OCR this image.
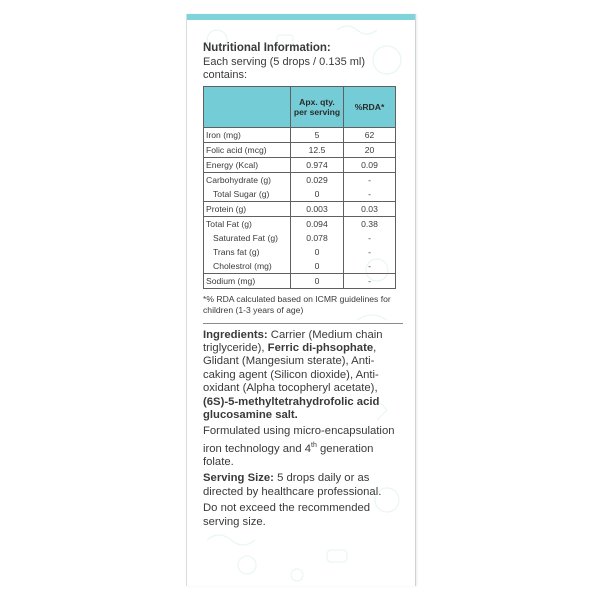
Nutritional Information:

Each serving (5 drops / 0.135 ml) contains:

	Apx. qty. per serving	%RDA*
Iron (mg)	5	62
Folic acid (mcg)	12.5	20
Energy (Kcal)	0.974	0.09
Carbohydrate (g)	0.029	-
Total Sugar (g)	0	-
Protein (g)	0.003	0.03
Total Fat (g)	0.094	0.38
Saturated Fat (g)	0.078	-
Trans fat (g)	0	-
Cholestrol (mg)	0	-
Sodium (mg)	0	-
*% RDA calculated based on ICMR guidelines for children (1-3 years of age)

Ingredients: Carrier (Medium chain triglyceride), Ferric di-phsophate, Glidant (Mangesium sterate), Anti-caking agent (Silicon dioxide), Anti-oxidant (Alpha tocopheryl acetate), (6S)-5-methyltetrahydrofolic acid glucosamine salt.

Formulated using micro-encapsulation iron technology and 4th generation folate.

Serving Size: 5 drops daily or as directed by healthcare professional.

Do not exceed the recommended serving size.
